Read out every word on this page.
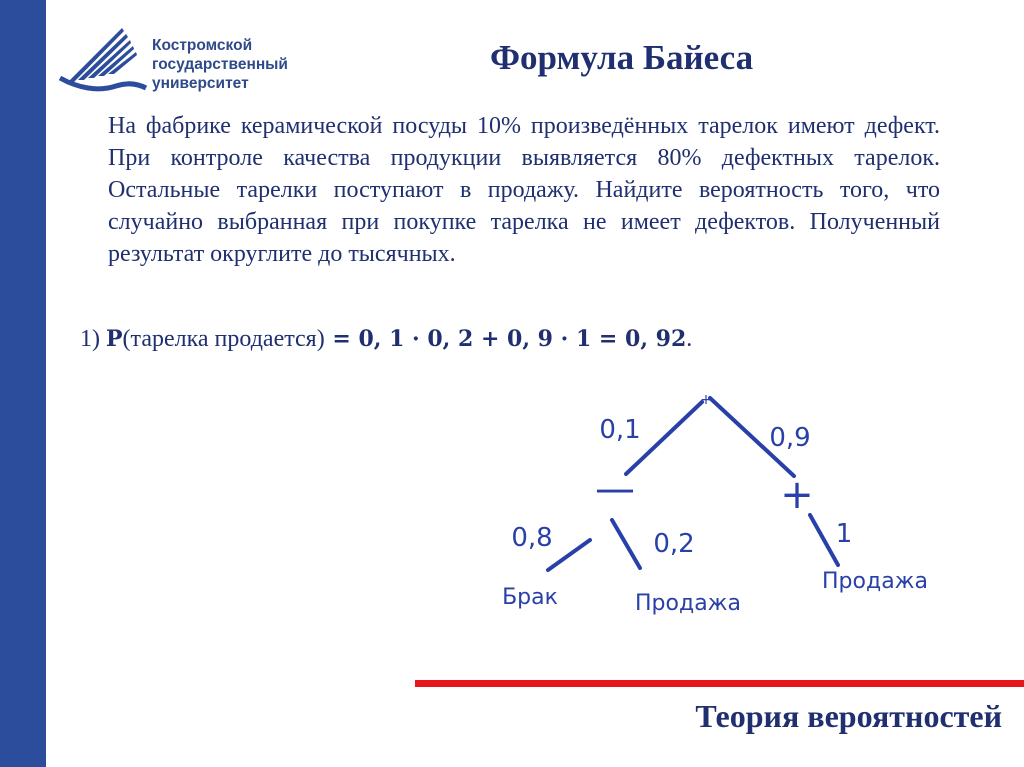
Костромской
государственный
университет
Формула Байеса
На фабрике керамической посуды 10% произведённых тарелок имеют дефект. При контроле качества продукции выявляется 80% дефектных тарелок. Остальные тарелки поступают в продажу. Найдите вероятность того, что случайно выбранная при покупке тарелка не имеет дефектов. Полученный результат округлите до тысячных.
1) P(тарелка продается) = 0, 1 · 0, 2 + 0, 9 · 1 = 0, 92.
+
0,1	0,9
—	+
0,8	0,2	1
Брак	Продажа
Продажа
Теория вероятностей
